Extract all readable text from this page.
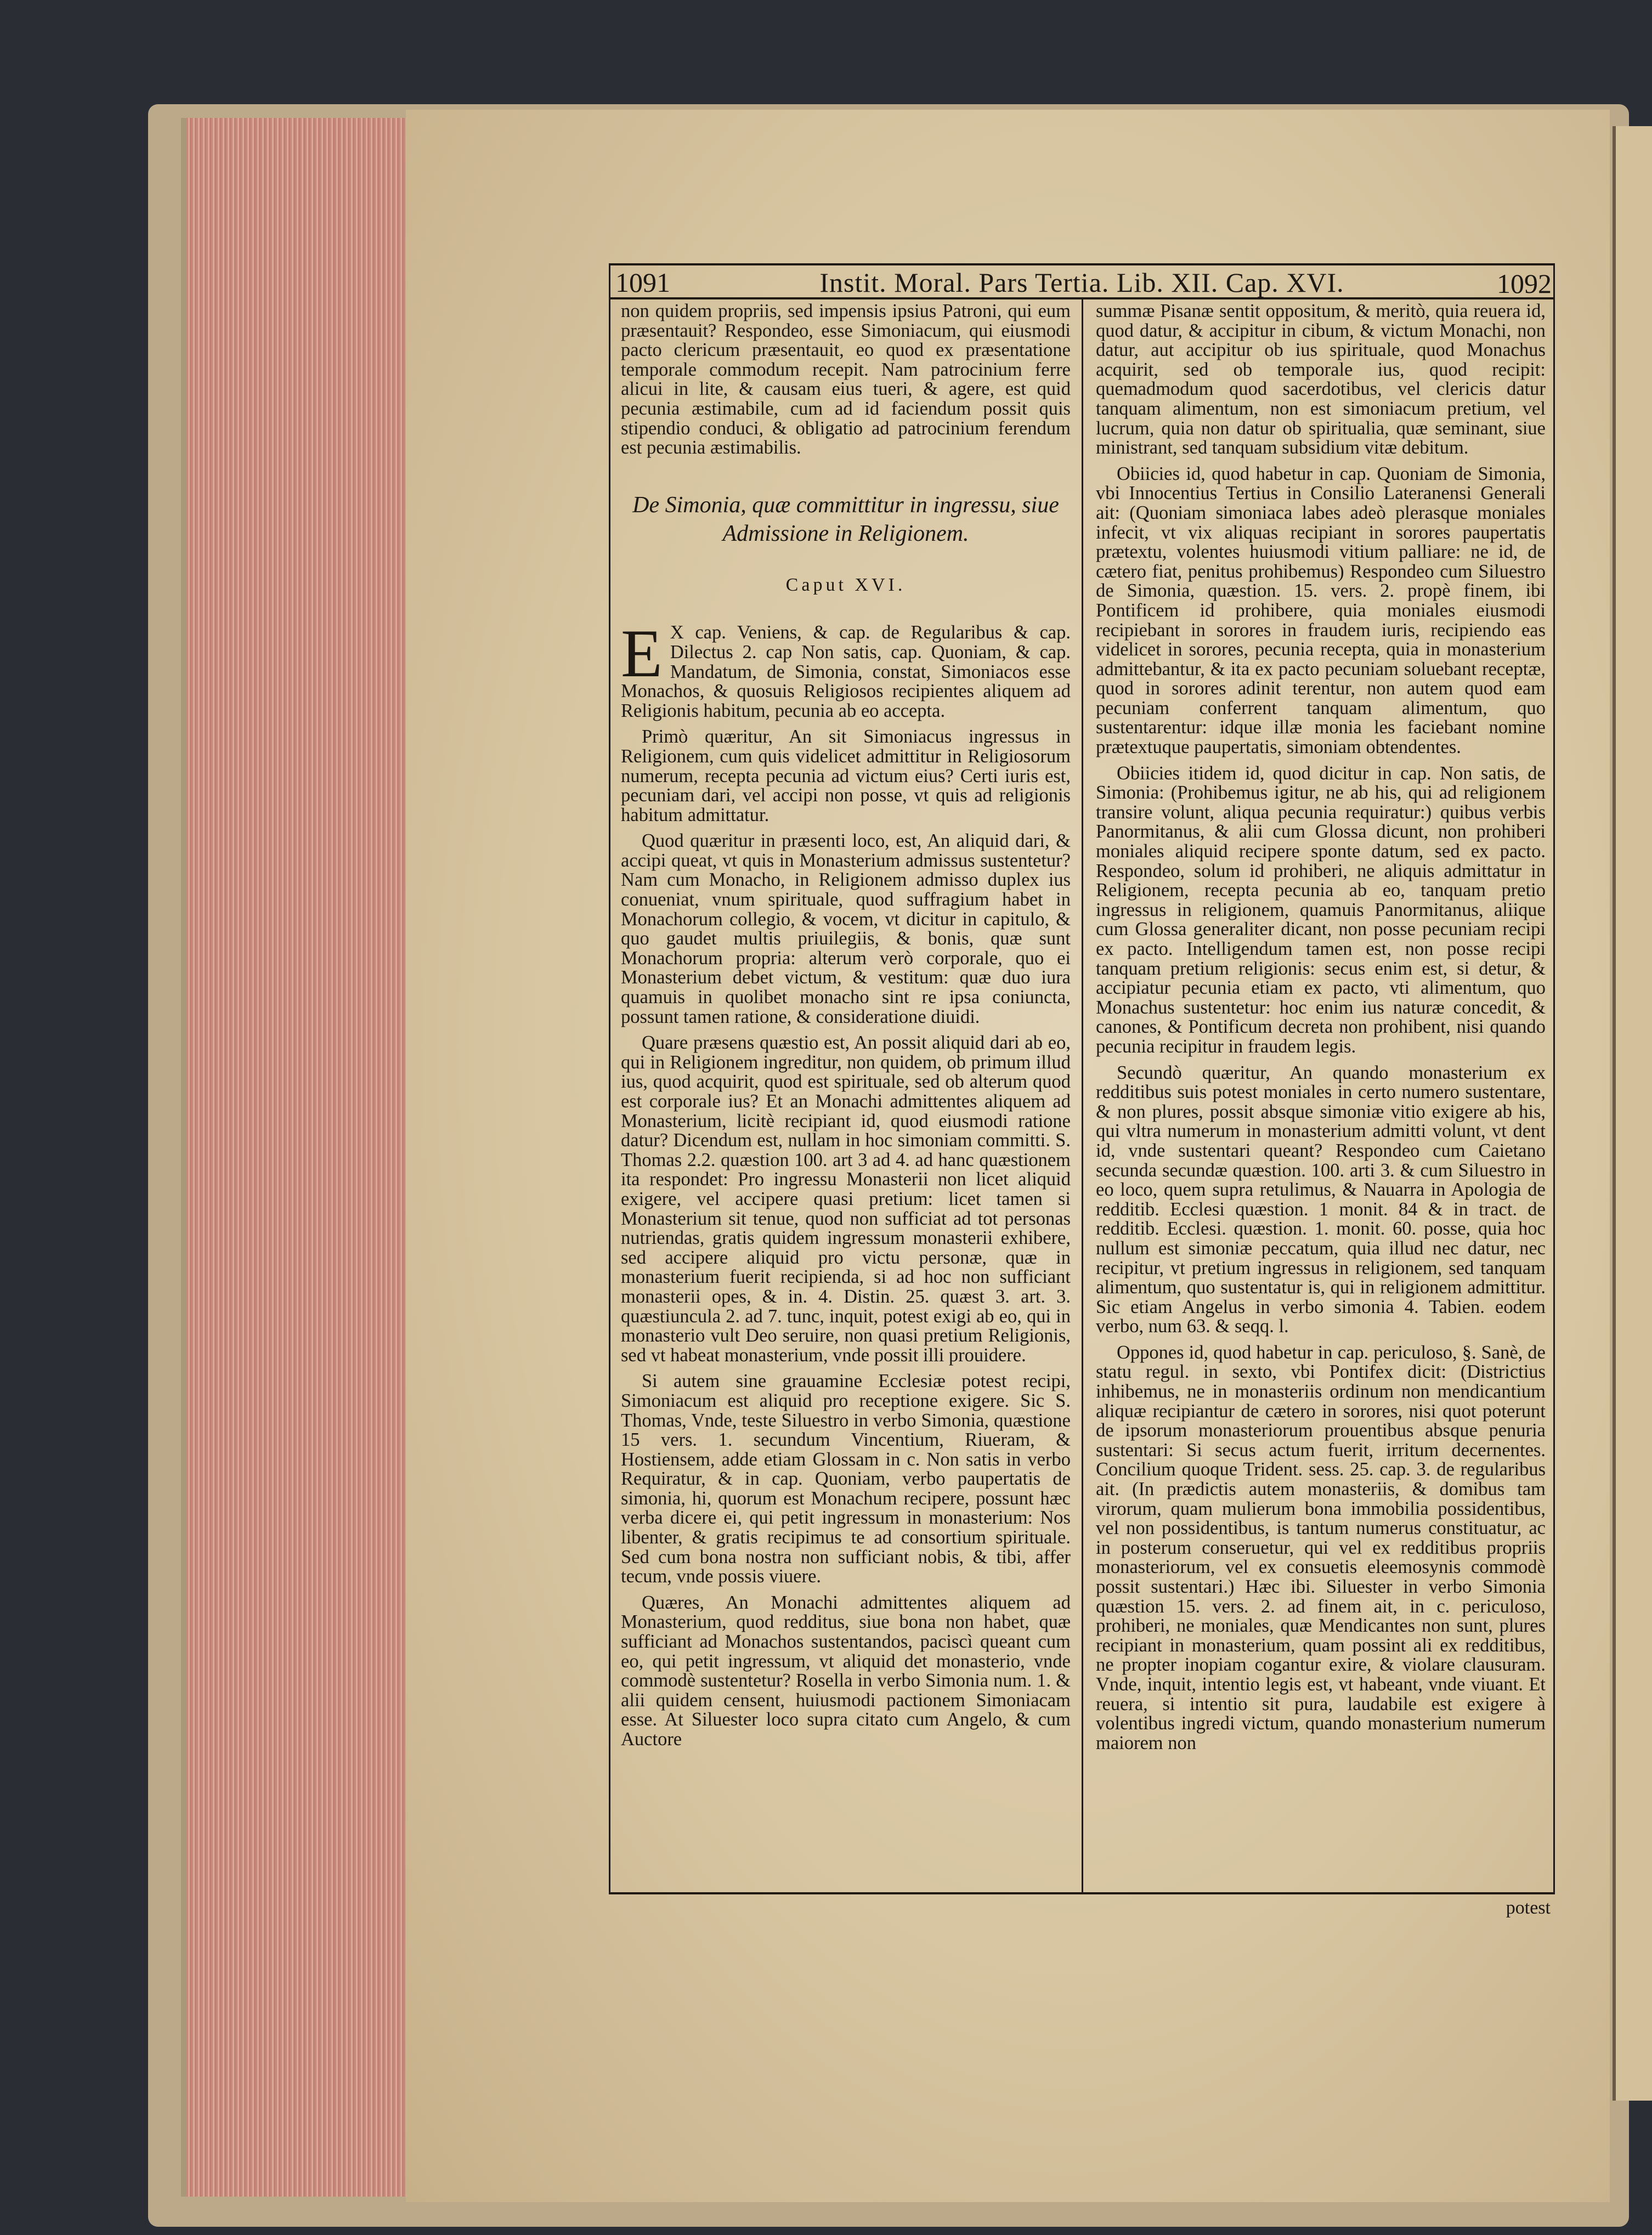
1091	Instit. Moral. Pars Tertia. Lib. XII. Cap. XVI.	1092

non quidem propriis, sed impensis ipsius Patroni, qui eum præsentauit? Respondeo, esse Simoniacum, qui eiusmodi pacto clericum præsentauit, eo quod ex præsentatione temporale commodum recepit. Nam patrocinium ferre alicui in lite, & causam eius tueri, & agere, est quid pecunia æstimabile, cum ad id faciendum possit quis stipendio conduci, & obligatio ad patrocinium ferendum est pecunia æstimabilis.

De Simonia, quæ committitur in ingressu, siue Admissione in Religionem.
Caput XVI.

E X cap. Veniens, & cap. de Regularibus & cap. Dilectus 2. cap Non satis, cap. Quoniam, & cap. Mandatum, de Simonia, constat, Simoniacos esse Monachos, & quosuis Religiosos recipientes aliquem ad Religionis habitum, pecunia ab eo accepta.

Primò quæritur, An sit Simoniacus ingressus in Religionem, cum quis videlicet admittitur in Religiosorum numerum, recepta pecunia ad victum eius? Certi iuris est, pecuniam dari, vel accipi non posse, vt quis ad religionis habitum admittatur.

Quod quæritur in præsenti loco, est, An aliquid dari, & accipi queat, vt quis in Monasterium admissus sustentetur? Nam cum Monacho, in Religionem admisso duplex ius conueniat, vnum spirituale, quod suffragium habet in Monachorum collegio, & vocem, vt dicitur in capitulo, & quo gaudet multis priuilegiis, & bonis, quæ sunt Monachorum propria: alterum verò corporale, quo ei Monasterium debet victum, & vestitum: quæ duo iura quamuis in quolibet monacho sint re ipsa coniuncta, possunt tamen ratione, & consideratione diuidi.

Quare præsens quæstio est, An possit aliquid dari ab eo, qui in Religionem ingreditur, non quidem, ob primum illud ius, quod acquirit, quod est spirituale, sed ob alterum quod est corporale ius? Et an Monachi admittentes aliquem ad Monasterium, licitè recipiant id, quod eiusmodi ratione datur? Dicendum est, nullam in hoc simoniam committi. S. Thomas 2.2. quæstion 100. art 3 ad 4. ad hanc quæstionem ita respondet: Pro ingressu Monasterii non licet aliquid exigere, vel accipere quasi pretium: licet tamen si Monasterium sit tenue, quod non sufficiat ad tot personas nutriendas, gratis quidem ingressum monasterii exhibere, sed accipere aliquid pro victu personæ, quæ in monasterium fuerit recipienda, si ad hoc non sufficiant monasterii opes, & in. 4. Distin. 25. quæst 3. art. 3. quæstiuncula 2. ad 7. tunc, inquit, potest exigi ab eo, qui in monasterio vult Deo seruire, non quasi pretium Religionis, sed vt habeat monasterium, vnde possit illi prouidere.

Si autem sine grauamine Ecclesiæ potest recipi, Simoniacum est aliquid pro receptione exigere. Sic S. Thomas, Vnde, teste Siluestro in verbo Simonia, quæstione 15 vers. 1. secundum Vincentium, Riueram, & Hostiensem, adde etiam Glossam in c. Non satis in verbo Requiratur, & in cap. Quoniam, verbo paupertatis de simonia, hi, quorum est Monachum recipere, possunt hæc verba dicere ei, qui petit ingressum in monasterium: Nos libenter, & gratis recipimus te ad consortium spirituale. Sed cum bona nostra non sufficiant nobis, & tibi, affer tecum, vnde possis viuere.

Quæres, An Monachi admittentes aliquem ad Monasterium, quod redditus, siue bona non habet, quæ sufficiant ad Monachos sustentandos, paciscì queant cum eo, qui petit ingressum, vt aliquid det monasterio, vnde commodè sustentetur? Rosella in verbo Simonia num. 1. & alii quidem censent, huiusmodi pactionem Simoniacam esse. At Siluester loco supra citato cum Angelo, & cum Auctore

summæ Pisanæ sentit oppositum, & meritò, quia reuera id, quod datur, & accipitur in cibum, & victum Monachi, non datur, aut accipitur ob ius spirituale, quod Monachus acquirit, sed ob temporale ius, quod recipit: quemadmodum quod sacerdotibus, vel clericis datur tanquam alimentum, non est simoniacum pretium, vel lucrum, quia non datur ob spiritualia, quæ seminant, siue ministrant, sed tanquam subsidium vitæ debitum.

Obiicies id, quod habetur in cap. Quoniam de Simonia, vbi Innocentius Tertius in Consilio Lateranensi Generali ait: (Quoniam simoniaca labes adeò plerasque moniales infecit, vt vix aliquas recipiant in sorores paupertatis prætextu, volentes huiusmodi vitium palliare: ne id, de cætero fiat, penitus prohibemus) Respondeo cum Siluestro de Simonia, quæstion. 15. vers. 2. propè finem, ibi Pontificem id prohibere, quia moniales eiusmodi recipiebant in sorores in fraudem iuris, recipiendo eas videlicet in sorores, pecunia recepta, quia in monasterium admittebantur, & ita ex pacto pecuniam soluebant receptæ, quod in sorores adinit terentur, non autem quod eam pecuniam conferrent tanquam alimentum, quo sustentarentur: idque illæ monia les faciebant nomine prætextuque paupertatis, simoniam obtendentes.

Obiicies itidem id, quod dicitur in cap. Non satis, de Simonia: (Prohibemus igitur, ne ab his, qui ad religionem transire volunt, aliqua pecunia requiratur:) quibus verbis Panormitanus, & alii cum Glossa dicunt, non prohiberi moniales aliquid recipere sponte datum, sed ex pacto. Respondeo, solum id prohiberi, ne aliquis admittatur in Religionem, recepta pecunia ab eo, tanquam pretio ingressus in religionem, quamuis Panormitanus, aliique cum Glossa generaliter dicant, non posse pecuniam recipi ex pacto. Intelligendum tamen est, non posse recipi tanquam pretium religionis: secus enim est, si detur, & accipiatur pecunia etiam ex pacto, vti alimentum, quo Monachus sustentetur: hoc enim ius naturæ concedit, & canones, & Pontificum decreta non prohibent, nisi quando pecunia recipitur in fraudem legis.

Secundò quæritur, An quando monasterium ex redditibus suis potest moniales in certo numero sustentare, & non plures, possit absque simoniæ vitio exigere ab his, qui vltra numerum in monasterium admitti volunt, vt dent id, vnde sustentari queant? Respondeo cum Caietano secunda secundæ quæstion. 100. arti 3. & cum Siluestro in eo loco, quem supra retulimus, & Nauarra in Apologia de redditib. Ecclesi quæstion. 1 monit. 84 & in tract. de redditib. Ecclesi. quæstion. 1. monit. 60. posse, quia hoc nullum est simoniæ peccatum, quia illud nec datur, nec recipitur, vt pretium ingressus in religionem, sed tanquam alimentum, quo sustentatur is, qui in religionem admittitur. Sic etiam Angelus in verbo simonia 4. Tabien. eodem verbo, num 63. & seqq. l.

Oppones id, quod habetur in cap. periculoso, §. Sanè, de statu regul. in sexto, vbi Pontifex dicit: (Districtius inhibemus, ne in monasteriis ordinum non mendicantium aliquæ recipiantur de cætero in sorores, nisi quot poterunt de ipsorum monasteriorum prouentibus absque penuria sustentari: Si secus actum fuerit, irritum decernentes. Concilium quoque Trident. sess. 25. cap. 3. de regularibus ait. (In prædictis autem monasteriis, & domibus tam virorum, quam mulierum bona immobilia possidentibus, vel non possidentibus, is tantum numerus constituatur, ac in posterum conseruetur, qui vel ex redditibus propriis monasteriorum, vel ex consuetis eleemosynis commodè possit sustentari.) Hæc ibi. Siluester in verbo Simonia quæstion 15. vers. 2. ad finem ait, in c. periculoso, prohiberi, ne moniales, quæ Mendicantes non sunt, plures recipiant in monasterium, quam possint ali ex redditibus, ne propter inopiam cogantur exire, & violare clausuram. Vnde, inquit, intentio legis est, vt habeant, vnde viuant. Et reuera, si intentio sit pura, laudabile est exigere à volentibus ingredi victum, quando monasterium numerum maiorem non

potest
